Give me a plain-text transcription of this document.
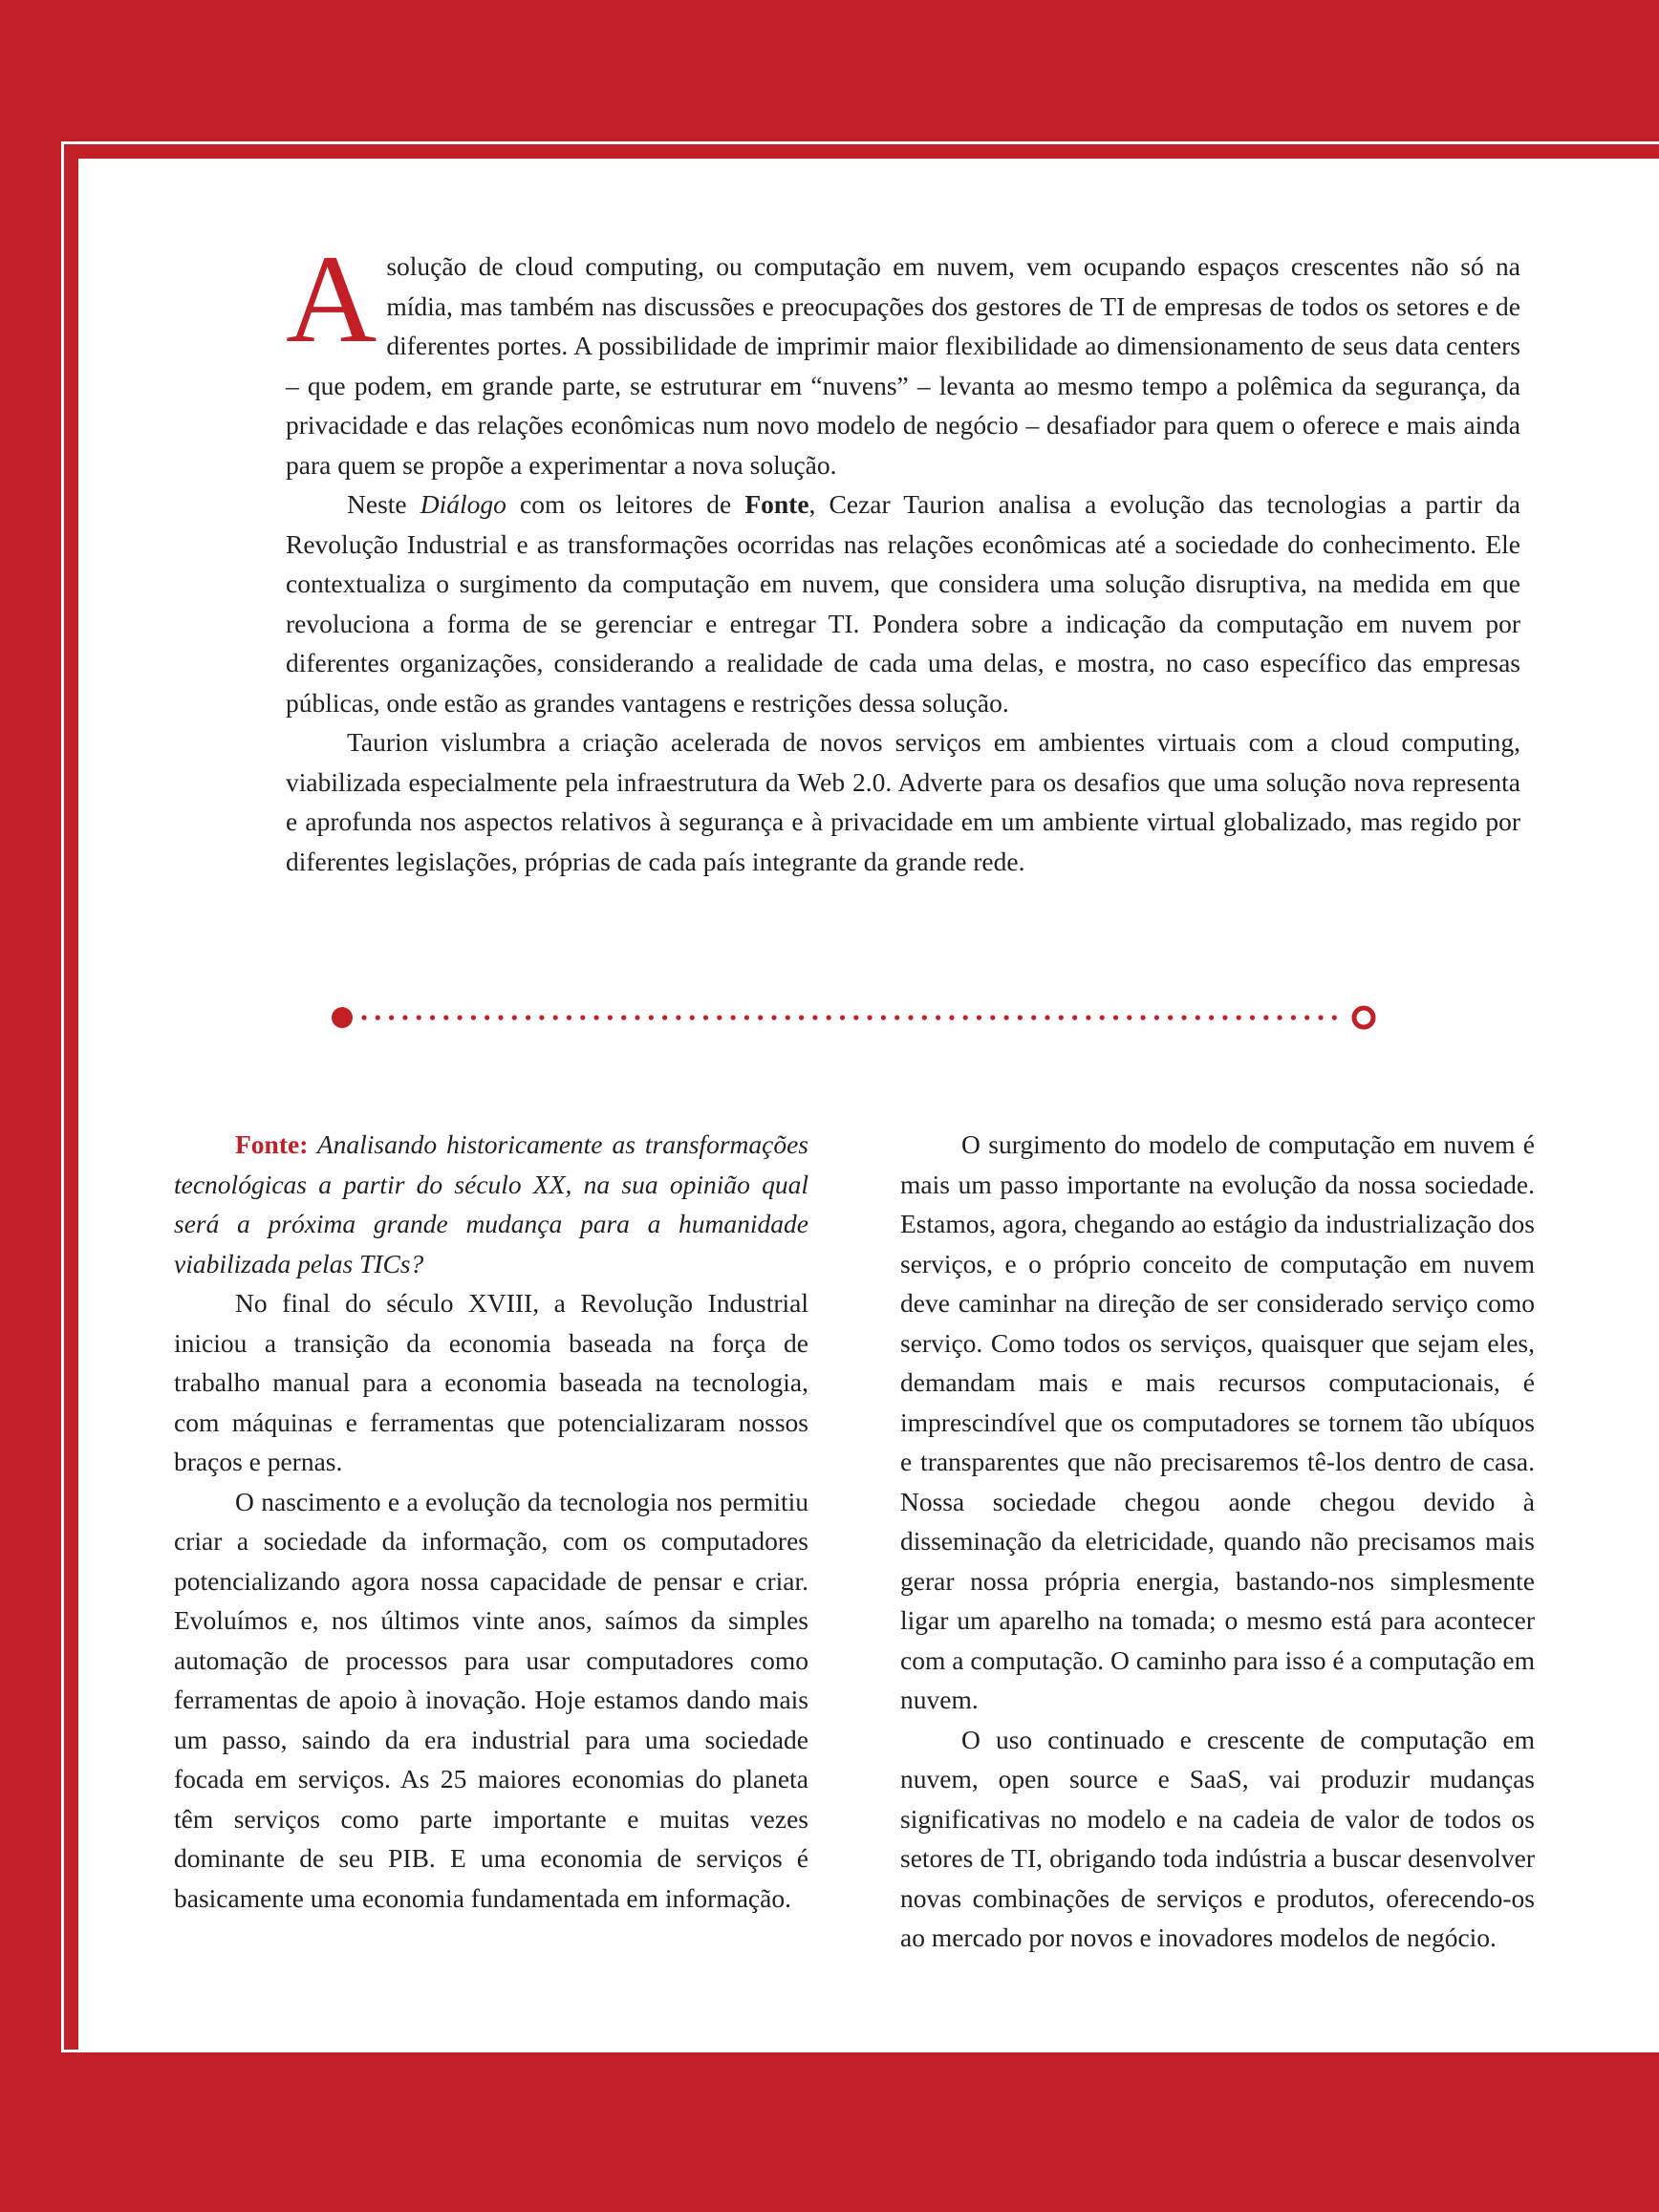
A solução de cloud computing, ou computação em nuvem, vem ocupando espaços crescentes não só na mídia, mas também nas discussões e preocupações dos gestores de TI de empresas de todos os setores e de diferentes portes. A possibilidade de imprimir maior flexibilidade ao dimensionamento de seus data centers – que podem, em grande parte, se estruturar em “nuvens” – levanta ao mesmo tempo a polêmica da segurança, da privacidade e das relações econômicas num novo modelo de negócio – desafiador para quem o oferece e mais ainda para quem se propõe a experimentar a nova solução.

Neste Diálogo com os leitores de Fonte, Cezar Taurion analisa a evolução das tecnologias a partir da Revolução Industrial e as transformações ocorridas nas relações econômicas até a sociedade do conhecimento. Ele contextualiza o surgimento da computação em nuvem, que considera uma solução disruptiva, na medida em que revoluciona a forma de se gerenciar e entregar TI. Pondera sobre a indicação da computação em nuvem por diferentes organizações, considerando a realidade de cada uma delas, e mostra, no caso específico das empresas públicas, onde estão as grandes vantagens e restrições dessa solução.

Taurion vislumbra a criação acelerada de novos serviços em ambientes virtuais com a cloud computing, viabilizada especialmente pela infraestrutura da Web 2.0. Adverte para os desafios que uma solução nova representa e aprofunda nos aspectos relativos à segurança e à privacidade em um ambiente virtual globalizado, mas regido por diferentes legislações, próprias de cada país integrante da grande rede.

Fonte: Analisando historicamente as transformações tecnológicas a partir do século XX, na sua opinião qual será a próxima grande mudança para a humanidade viabilizada pelas TICs?

No final do século XVIII, a Revolução Industrial iniciou a transição da economia baseada na força de trabalho manual para a economia baseada na tecnologia, com máquinas e ferramentas que potencializaram nossos braços e pernas.

O nascimento e a evolução da tecnologia nos permitiu criar a sociedade da informação, com os computadores potencializando agora nossa capacidade de pensar e criar. Evoluímos e, nos últimos vinte anos, saímos da simples automação de processos para usar computadores como ferramentas de apoio à inovação. Hoje estamos dando mais um passo, saindo da era industrial para uma sociedade focada em serviços. As 25 maiores economias do planeta têm serviços como parte importante e muitas vezes dominante de seu PIB. E uma economia de serviços é basicamente uma economia fundamentada em informação.

O surgimento do modelo de computação em nuvem é mais um passo importante na evolução da nossa sociedade. Estamos, agora, chegando ao estágio da industrialização dos serviços, e o próprio conceito de computação em nuvem deve caminhar na direção de ser considerado serviço como serviço. Como todos os serviços, quaisquer que sejam eles, demandam mais e mais recursos computacionais, é imprescindível que os computadores se tornem tão ubíquos e transparentes que não precisaremos tê-los dentro de casa. Nossa sociedade chegou aonde chegou devido à disseminação da eletricidade, quando não precisamos mais gerar nossa própria energia, bastando-nos simplesmente ligar um aparelho na tomada; o mesmo está para acontecer com a computação. O caminho para isso é a computação em nuvem.

O uso continuado e crescente de computação em nuvem, open source e SaaS, vai produzir mudanças significativas no modelo e na cadeia de valor de todos os setores de TI, obrigando toda indústria a buscar desenvolver novas combinações de serviços e produtos, oferecendo-os ao mercado por novos e inovadores modelos de negócio.
